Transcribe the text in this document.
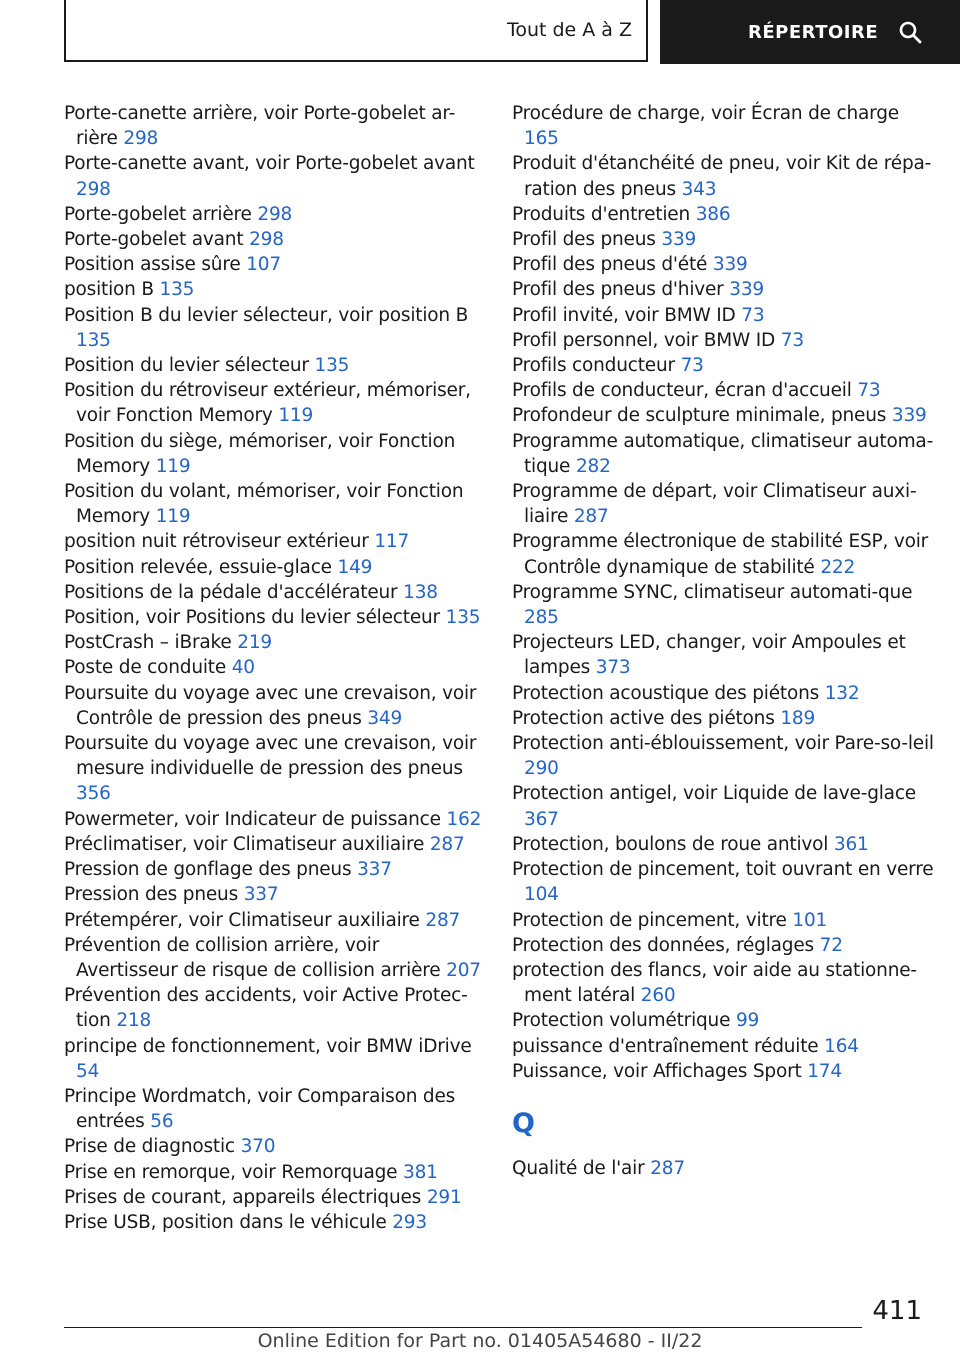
Tout de A à Z	RÉPERTOIRE
Porte-canette arrière, voir Porte-gobelet ar-rière 298
Porte-canette avant, voir Porte-gobelet avant 298
Porte-gobelet arrière 298
Porte-gobelet avant 298
Position assise sûre 107
position B 135
Position B du levier sélecteur, voir position B 135
Position du levier sélecteur 135
Position du rétroviseur extérieur, mémoriser, voir Fonction Memory 119
Position du siège, mémoriser, voir Fonction Memory 119
Position du volant, mémoriser, voir Fonction Memory 119
position nuit rétroviseur extérieur 117
Position relevée, essuie-glace 149
Positions de la pédale d'accélérateur 138
Position, voir Positions du levier sélecteur 135
PostCrash – iBrake 219
Poste de conduite 40
Poursuite du voyage avec une crevaison, voir Contrôle de pression des pneus 349
Poursuite du voyage avec une crevaison, voir mesure individuelle de pression des pneus 356
Powermeter, voir Indicateur de puissance 162
Préclimatiser, voir Climatiseur auxiliaire 287
Pression de gonflage des pneus 337
Pression des pneus 337
Prétempérer, voir Climatiseur auxiliaire 287
Prévention de collision arrière, voir Avertisseur de risque de collision arrière 207
Prévention des accidents, voir Active Protec-tion 218
principe de fonctionnement, voir BMW iDrive 54
Principe Wordmatch, voir Comparaison des entrées 56
Prise de diagnostic 370
Prise en remorque, voir Remorquage 381
Prises de courant, appareils électriques 291
Prise USB, position dans le véhicule 293
Procédure de charge, voir Écran de charge 165
Produit d'étanchéité de pneu, voir Kit de répa-ration des pneus 343
Produits d'entretien 386
Profil des pneus 339
Profil des pneus d'été 339
Profil des pneus d'hiver 339
Profil invité, voir BMW ID 73
Profil personnel, voir BMW ID 73
Profils conducteur 73
Profils de conducteur, écran d'accueil 73
Profondeur de sculpture minimale, pneus 339
Programme automatique, climatiseur automa-tique 282
Programme de départ, voir Climatiseur auxi-liaire 287
Programme électronique de stabilité ESP, voir Contrôle dynamique de stabilité 222
Programme SYNC, climatiseur automati-que 285
Projecteurs LED, changer, voir Ampoules et lampes 373
Protection acoustique des piétons 132
Protection active des piétons 189
Protection anti-éblouissement, voir Pare-so-leil 290
Protection antigel, voir Liquide de lave-glace 367
Protection, boulons de roue antivol 361
Protection de pincement, toit ouvrant en verre 104
Protection de pincement, vitre 101
Protection des données, réglages 72
protection des flancs, voir aide au stationne-ment latéral 260
Protection volumétrique 99
puissance d'entraînement réduite 164
Puissance, voir Affichages Sport 174
Q
Qualité de l'air 287
411
Online Edition for Part no. 01405A54680 - II/22
